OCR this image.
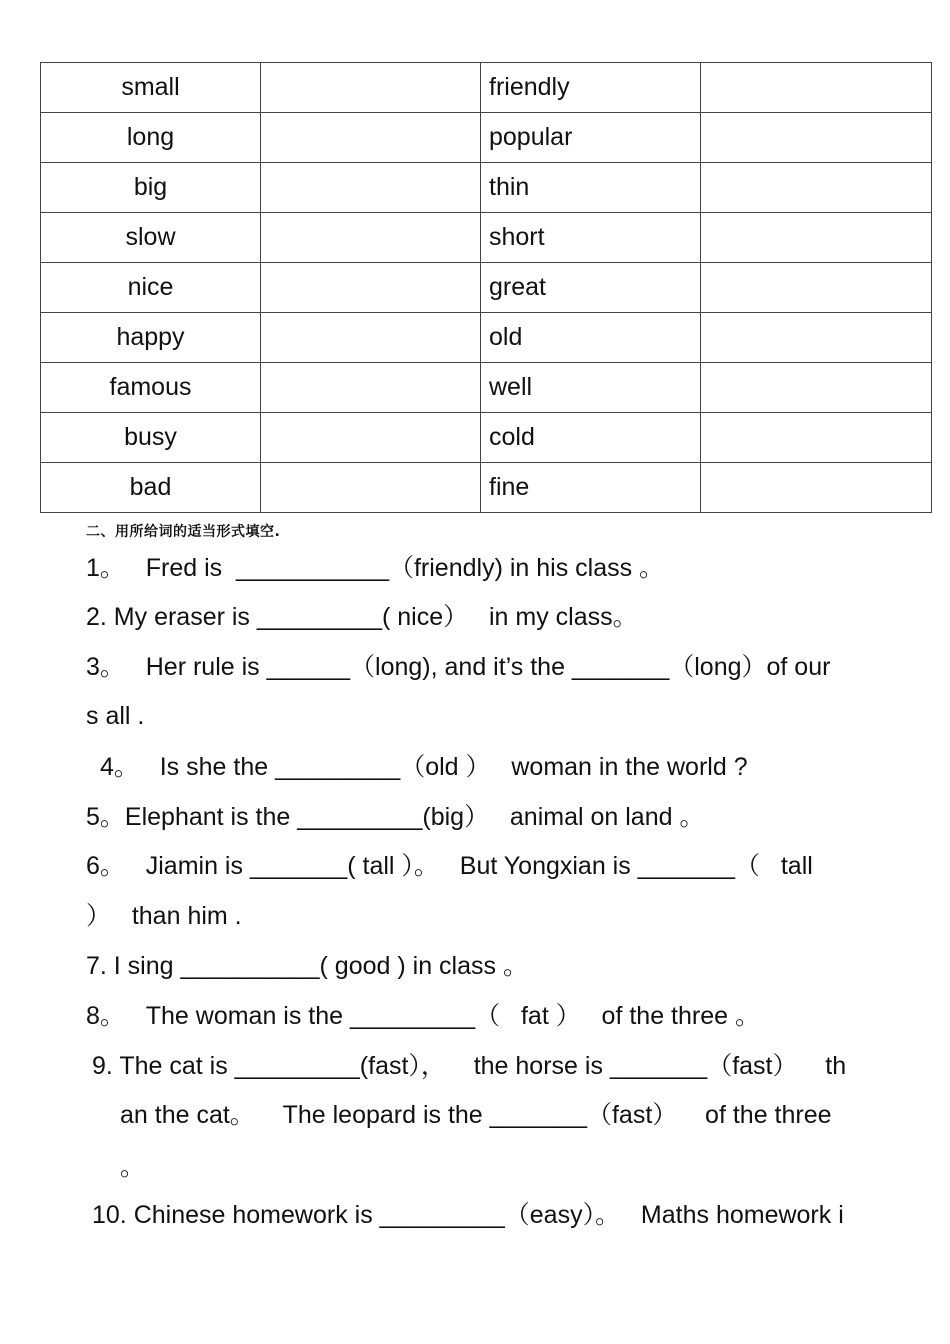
small		friendly	
long		popular	
big		thin	
slow		short	
nice		great	
happy		old	
famous		well	
busy		cold	
bad		fine	
二、用所给词的适当形式填空.
1。   Fred is  ___________（friendly) in his class 。
2. My eraser is _________( nice）   in my class。
3。   Her rule is ______（long), and it’s the _______（long）of our
s all .
4。   Is she the _________（old ）   woman in the world ?
5。Elephant is the _________(big）   animal on land 。
6。   Jiamin is _______( tall ）。   But Yongxian is _______（   tall
）   than him .
7. I sing __________( good ) in class 。
8。   The woman is the _________（   fat ）   of the three 。
9. The cat is _________(fast），    the horse is _______（fast）    th
an the cat。    The leopard is the _______（fast）    of the three
。
10. Chinese homework is _________（easy）。   Maths homework i
